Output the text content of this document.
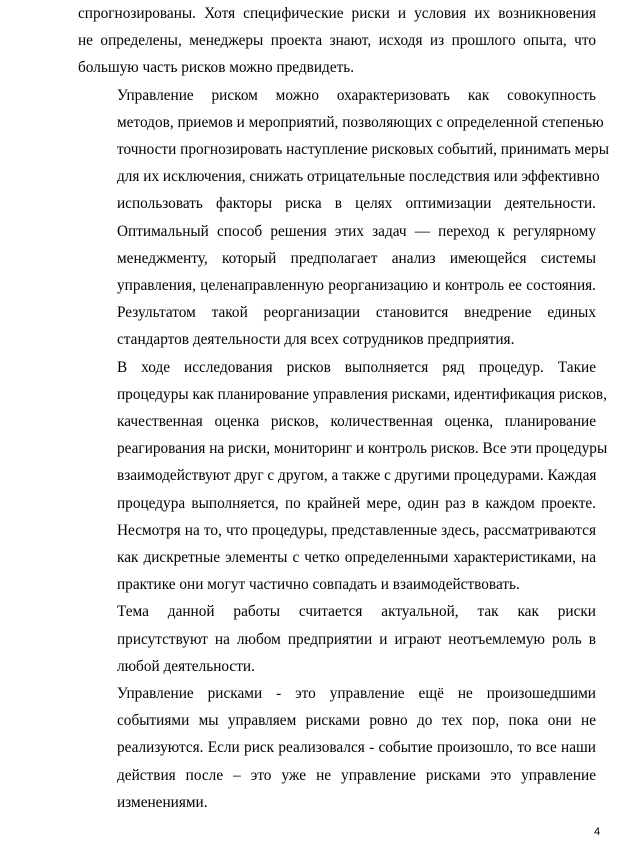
спрогнозированы. Хотя специфические риски и условия их возникновения
не определены, менеджеры проекта знают, исходя из прошлого опыта, что
большую часть рисков можно предвидеть.
Управление риском можно охарактеризовать как совокупность
методов, приемов и мероприятий, позволяющих с определенной степенью
точности прогнозировать наступление рисковых событий, принимать меры
для их исключения, снижать отрицательные последствия или эффективно
использовать факторы риска в целях оптимизации деятельности.
Оптимальный способ решения этих задач — переход к регулярному
менеджменту, который предполагает анализ имеющейся системы
управления, целенаправленную реорганизацию и контроль ее состояния.
Результатом такой реорганизации становится внедрение единых
стандартов деятельности для всех сотрудников предприятия.
В ходе исследования рисков выполняется ряд процедур. Такие
процедуры как планирование управления рисками, идентификация рисков,
качественная оценка рисков, количественная оценка, планирование
реагирования на риски, мониторинг и контроль рисков. Все эти процедуры
взаимодействуют друг с другом, а также с другими процедурами. Каждая
процедура выполняется, по крайней мере, один раз в каждом проекте.
Несмотря на то, что процедуры, представленные здесь, рассматриваются
как дискретные элементы с четко определенными характеристиками, на
практике они могут частично совпадать и взаимодействовать.
Тема данной работы считается актуальной, так как риски
присутствуют на любом предприятии и играют неотъемлемую роль в
любой деятельности.
Управление рисками - это управление ещё не произошедшими
событиями мы управляем рисками ровно до тех пор, пока они не
реализуются. Если риск реализовался - событие произошло, то все наши
действия после – это уже не управление рисками это управление
изменениями.
4
